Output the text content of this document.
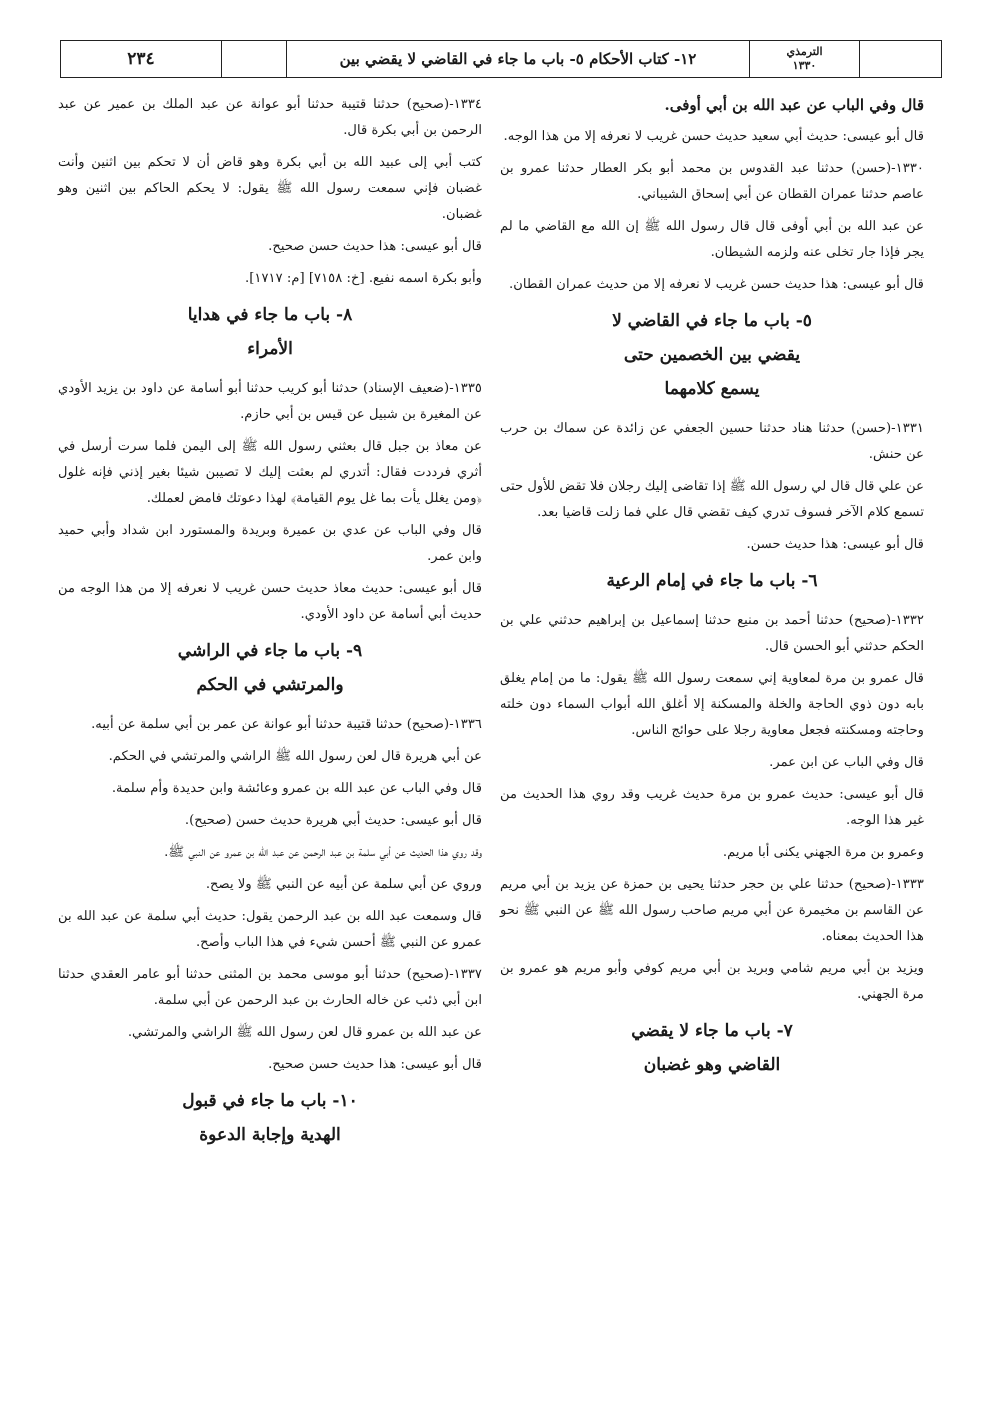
٢٣٤	١٢- كتاب الأحكام ٥- باب ما جاء في القاضي لا يقضي بين	الترمذي
١٣٣٠

قال وفي الباب عن عبد الله بن أبي أوفى.

قال أبو عيسى: حديث أبي سعيد حديث حسن غريب لا نعرفه إلا من هذا الوجه.

١٣٣٠-(حسن) حدثنا عبد القدوس بن محمد أبو بكر العطار حدثنا عمرو بن عاصم حدثنا عمران القطان عن أبي إسحاق الشيباني.

عن عبد الله بن أبي أوفى قال قال رسول الله ﷺ إن الله مع القاضي ما لم يجر فإذا جار تخلى عنه ولزمه الشيطان.

قال أبو عيسى: هذا حديث حسن غريب لا نعرفه إلا من حديث عمران القطان.

٥- باب ما جاء في القاضي لا
يقضي بين الخصمين حتى
يسمع كلامهما

١٣٣١-(حسن) حدثنا هناد حدثنا حسين الجعفي عن زائدة عن سماك بن حرب عن حنش.

عن علي قال قال لي رسول الله ﷺ إذا تقاضى إليك رجلان فلا تقض للأول حتى تسمع كلام الآخر فسوف تدري كيف تقضي قال علي فما زلت قاضيا بعد.

قال أبو عيسى: هذا حديث حسن.

٦- باب ما جاء في إمام الرعية

١٣٣٢-(صحيح) حدثنا أحمد بن منيع حدثنا إسماعيل بن إبراهيم حدثني علي بن الحكم حدثني أبو الحسن قال.

قال عمرو بن مرة لمعاوية إني سمعت رسول الله ﷺ يقول: ما من إمام يغلق بابه دون ذوي الحاجة والخلة والمسكنة إلا أغلق الله أبواب السماء دون خلته وحاجته ومسكنته فجعل معاوية رجلا على حوائج الناس.

قال وفي الباب عن ابن عمر.

قال أبو عيسى: حديث عمرو بن مرة حديث غريب وقد روي هذا الحديث من غير هذا الوجه.

وعمرو بن مرة الجهني يكنى أبا مريم.

١٣٣٣-(صحيح) حدثنا علي بن حجر حدثنا يحيى بن حمزة عن يزيد بن أبي مريم عن القاسم بن مخيمرة عن أبي مريم صاحب رسول الله ﷺ عن النبي ﷺ نحو هذا الحديث بمعناه.

ويزيد بن أبي مريم شامي وبريد بن أبي مريم كوفي وأبو مريم هو عمرو بن مرة الجهني.

٧- باب ما جاء لا يقضي
القاضي وهو غضبان

١٣٣٤-(صحيح) حدثنا قتيبة حدثنا أبو عوانة عن عبد الملك بن عمير عن عبد الرحمن بن أبي بكرة قال.

كتب أبي إلى عبيد الله بن أبي بكرة وهو قاض أن لا تحكم بين اثنين وأنت غضبان فإني سمعت رسول الله ﷺ يقول: لا يحكم الحاكم بين اثنين وهو غضبان.

قال أبو عيسى: هذا حديث حسن صحيح.

وأبو بكرة اسمه نفيع. [خ: ٧١٥٨] [م: ١٧١٧].

٨- باب ما جاء في هدايا
الأمراء

١٣٣٥-(ضعيف الإسناد) حدثنا أبو كريب حدثنا أبو أسامة عن داود بن يزيد الأودي عن المغيرة بن شبيل عن قيس بن أبي حازم.

عن معاذ بن جبل قال بعثني رسول الله ﷺ إلى اليمن فلما سرت أرسل في أثري فرددت فقال: أتدري لم بعثت إليك لا تصيبن شيئا بغير إذني فإنه غلول ﴿ومن يغلل يأت بما غل يوم القيامة﴾ لهذا دعوتك فامض لعملك.

قال وفي الباب عن عدي بن عميرة وبريدة والمستورد ابن شداد وأبي حميد وابن عمر.

قال أبو عيسى: حديث معاذ حديث حسن غريب لا نعرفه إلا من هذا الوجه من حديث أبي أسامة عن داود الأودي.

٩- باب ما جاء في الراشي
والمرتشي في الحكم

١٣٣٦-(صحيح) حدثنا قتيبة حدثنا أبو عوانة عن عمر بن أبي سلمة عن أبيه.

عن أبي هريرة قال لعن رسول الله ﷺ الراشي والمرتشي في الحكم.

قال وفي الباب عن عبد الله بن عمرو وعائشة وابن حديدة وأم سلمة.

قال أبو عيسى: حديث أبي هريرة حديث حسن (صحيح).

وقد روي هذا الحديث عن أبي سلمة بن عبد الرحمن عن عبد الله بن عمرو عن النبي ﷺ.

وروي عن أبي سلمة عن أبيه عن النبي ﷺ ولا يصح.

قال وسمعت عبد الله بن عبد الرحمن يقول: حديث أبي سلمة عن عبد الله بن عمرو عن النبي ﷺ أحسن شيء في هذا الباب وأصح.

١٣٣٧-(صحيح) حدثنا أبو موسى محمد بن المثنى حدثنا أبو عامر العقدي حدثنا ابن أبي ذئب عن خاله الحارث بن عبد الرحمن عن أبي سلمة.

عن عبد الله بن عمرو قال لعن رسول الله ﷺ الراشي والمرتشي.

قال أبو عيسى: هذا حديث حسن صحيح.

١٠- باب ما جاء في قبول
الهدية وإجابة الدعوة
